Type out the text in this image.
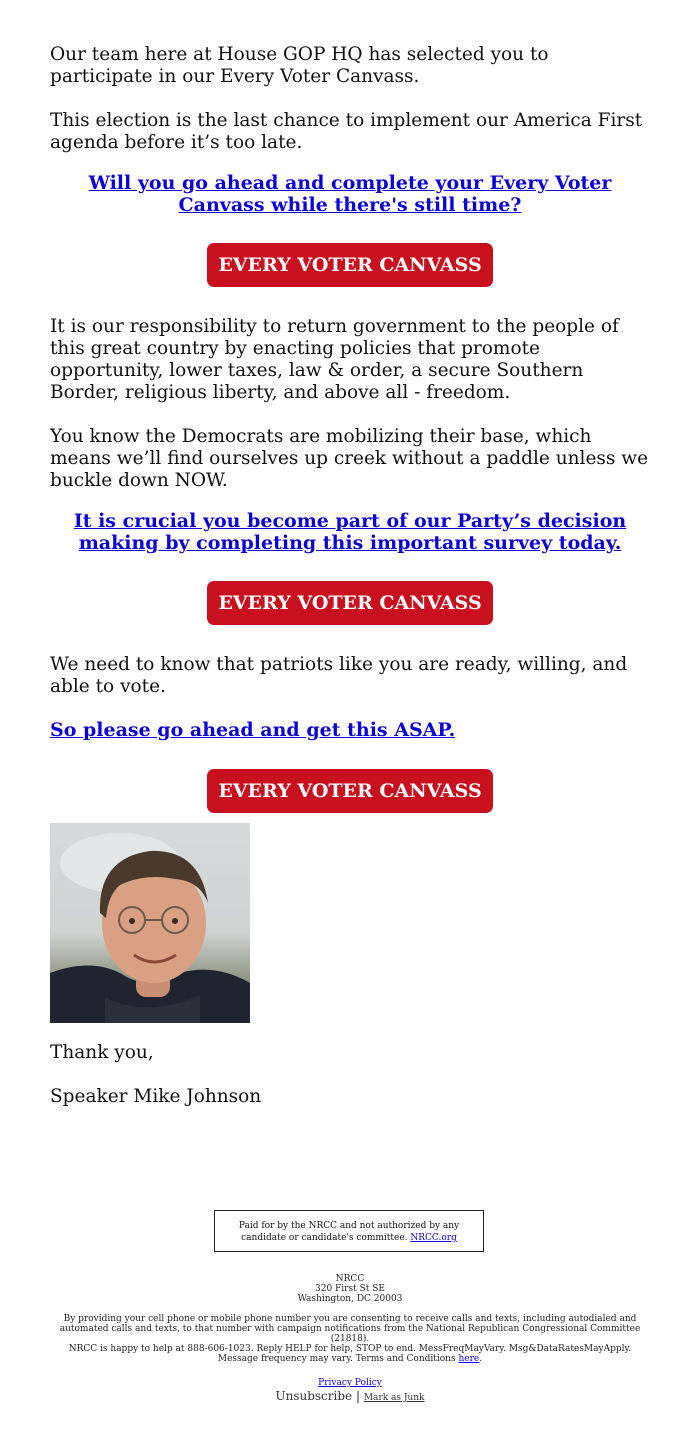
Our team here at House GOP HQ has selected you to participate in our Every Voter Canvass.

This election is the last chance to implement our America First agenda before it’s too late.

Will you go ahead and complete your Every Voter Canvass while there's still time?
EVERY VOTER CANVASS

It is our responsibility to return government to the people of this great country by enacting policies that promote opportunity, lower taxes, law & order, a secure Southern Border, religious liberty, and above all - freedom.

You know the Democrats are mobilizing their base, which means we’ll find ourselves up creek without a paddle unless we buckle down NOW.

It is crucial you become part of our Party’s decision making by completing this important survey today.
EVERY VOTER CANVASS

We need to know that patriots like you are ready, willing, and able to vote.

So please go ahead and get this ASAP.
EVERY VOTER CANVASS

Thank you,

Speaker Mike Johnson

Paid for by the NRCC and not authorized by any candidate or candidate's committee. NRCC.org
NRCC
320 First St SE
Washington, DC 20003
By providing your cell phone or mobile phone number you are consenting to receive calls and texts, including autodialed and automated calls and texts, to that number with campaign notifications from the National Republican Congressional Committee (21818).
NRCC is happy to help at 888-606-1023. Reply HELP for help, STOP to end. MessFreqMayVary. Msg&DataRatesMayApply. Message frequency may vary. Terms and Conditions here.
Privacy Policy
Unsubscribe | Mark as Junk
